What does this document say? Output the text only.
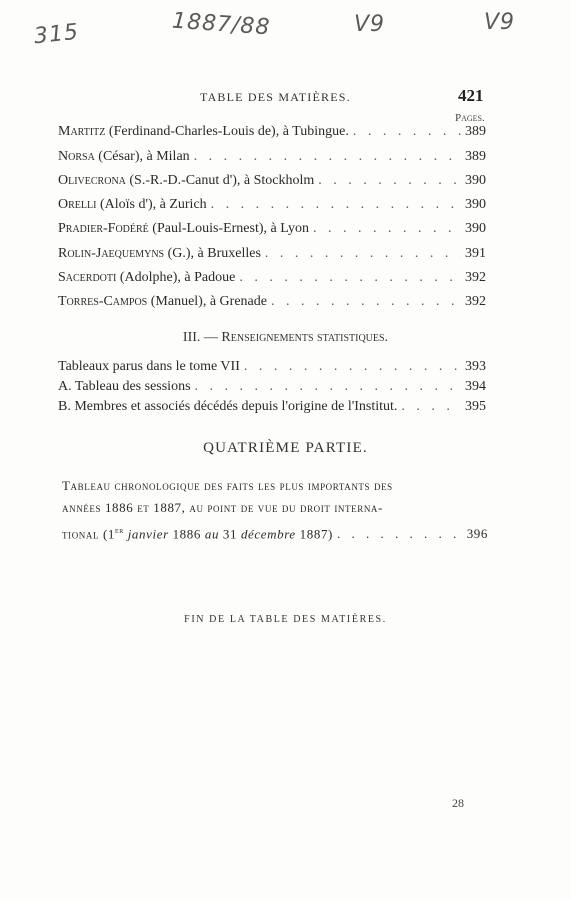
315	1887/88	V9	V9
TABLE DES MATIÈRES.	421
Pages.
Martitz (Ferdinand-Charles-Louis de), à Tubingue. . . .	389
Norsa (César), à Milan . . .	389
Olivecrona (S.-R.-D.-Canut d'), à Stockholm . . .	390
Orelli (Aloïs d'), à Zurich . . .	390
Pradier-Fodéré (Paul-Louis-Ernest), à Lyon . . .	390
Rolin-Jaequemyns (G.), à Bruxelles . . .	391
Sacerdoti (Adolphe), à Padoue . . .	392
Torres-Campos (Manuel), à Grenade . . .	392
III. — Renseignements statistiques.
Tableaux parus dans le tome VII . . .	393
A. Tableau des sessions . . .	394
B. Membres et associés décédés depuis l'origine de l'Institut. . . .	395
QUATRIÈME PARTIE.
Tableau chronologique des faits les plus importants des
années 1886 et 1887, au point de vue du droit interna-
tional (1er janvier 1886 au 31 décembre 1887) . . .	396
FIN DE LA TABLE DES MATIÈRES.
28
